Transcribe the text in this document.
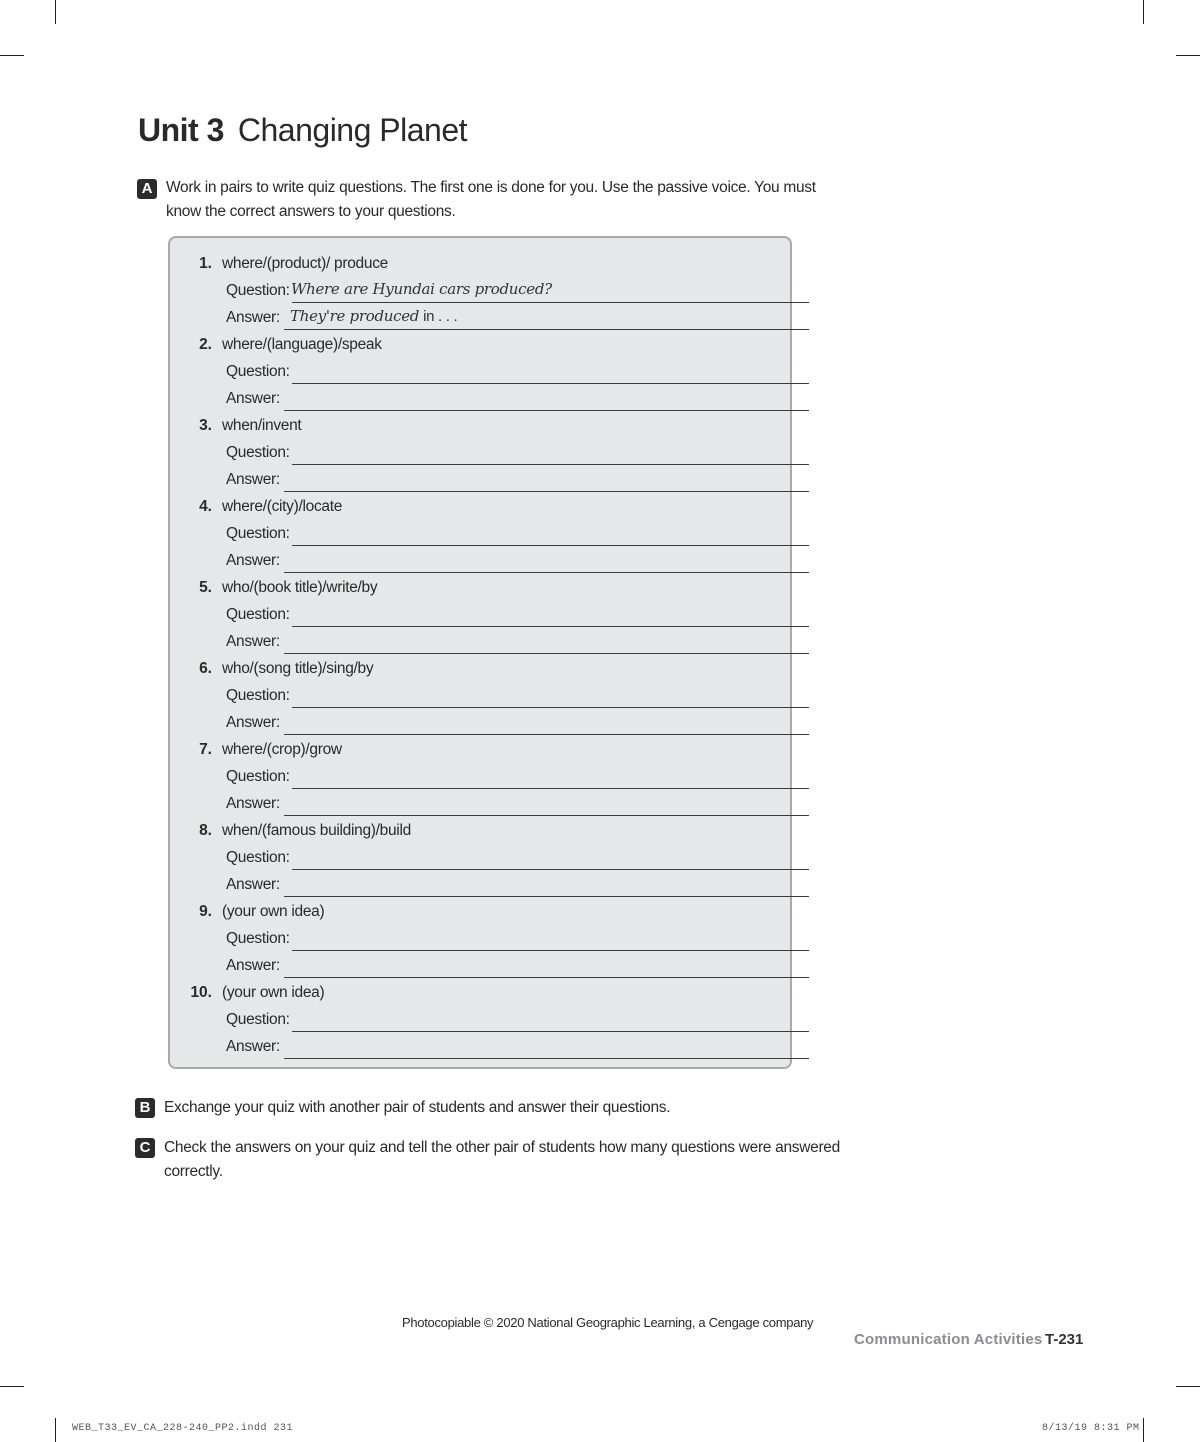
Unit 3 Changing Planet
A Work in pairs to write quiz questions. The first one is done for you. Use the passive voice. You must
know the correct answers to your questions.
1. where/(product)/ produce
Question: Where are Hyundai cars produced?
Answer: They're produced in . . .
2. where/(language)/speak
Question:
Answer:
3. when/invent
Question:
Answer:
4. where/(city)/locate
Question:
Answer:
5. who/(book title)/write/by
Question:
Answer:
6. who/(song title)/sing/by
Question:
Answer:
7. where/(crop)/grow
Question:
Answer:
8. when/(famous building)/build
Question:
Answer:
9. (your own idea)
Question:
Answer:
10. (your own idea)
Question:
Answer:
B Exchange your quiz with another pair of students and answer their questions.
C Check the answers on your quiz and tell the other pair of students how many questions were answered
correctly.
Photocopiable © 2020 National Geographic Learning, a Cengage company
Communication Activities T-231
WEB_T33_EV_CA_228-240_PP2.indd 231	8/13/19 8:31 PM
